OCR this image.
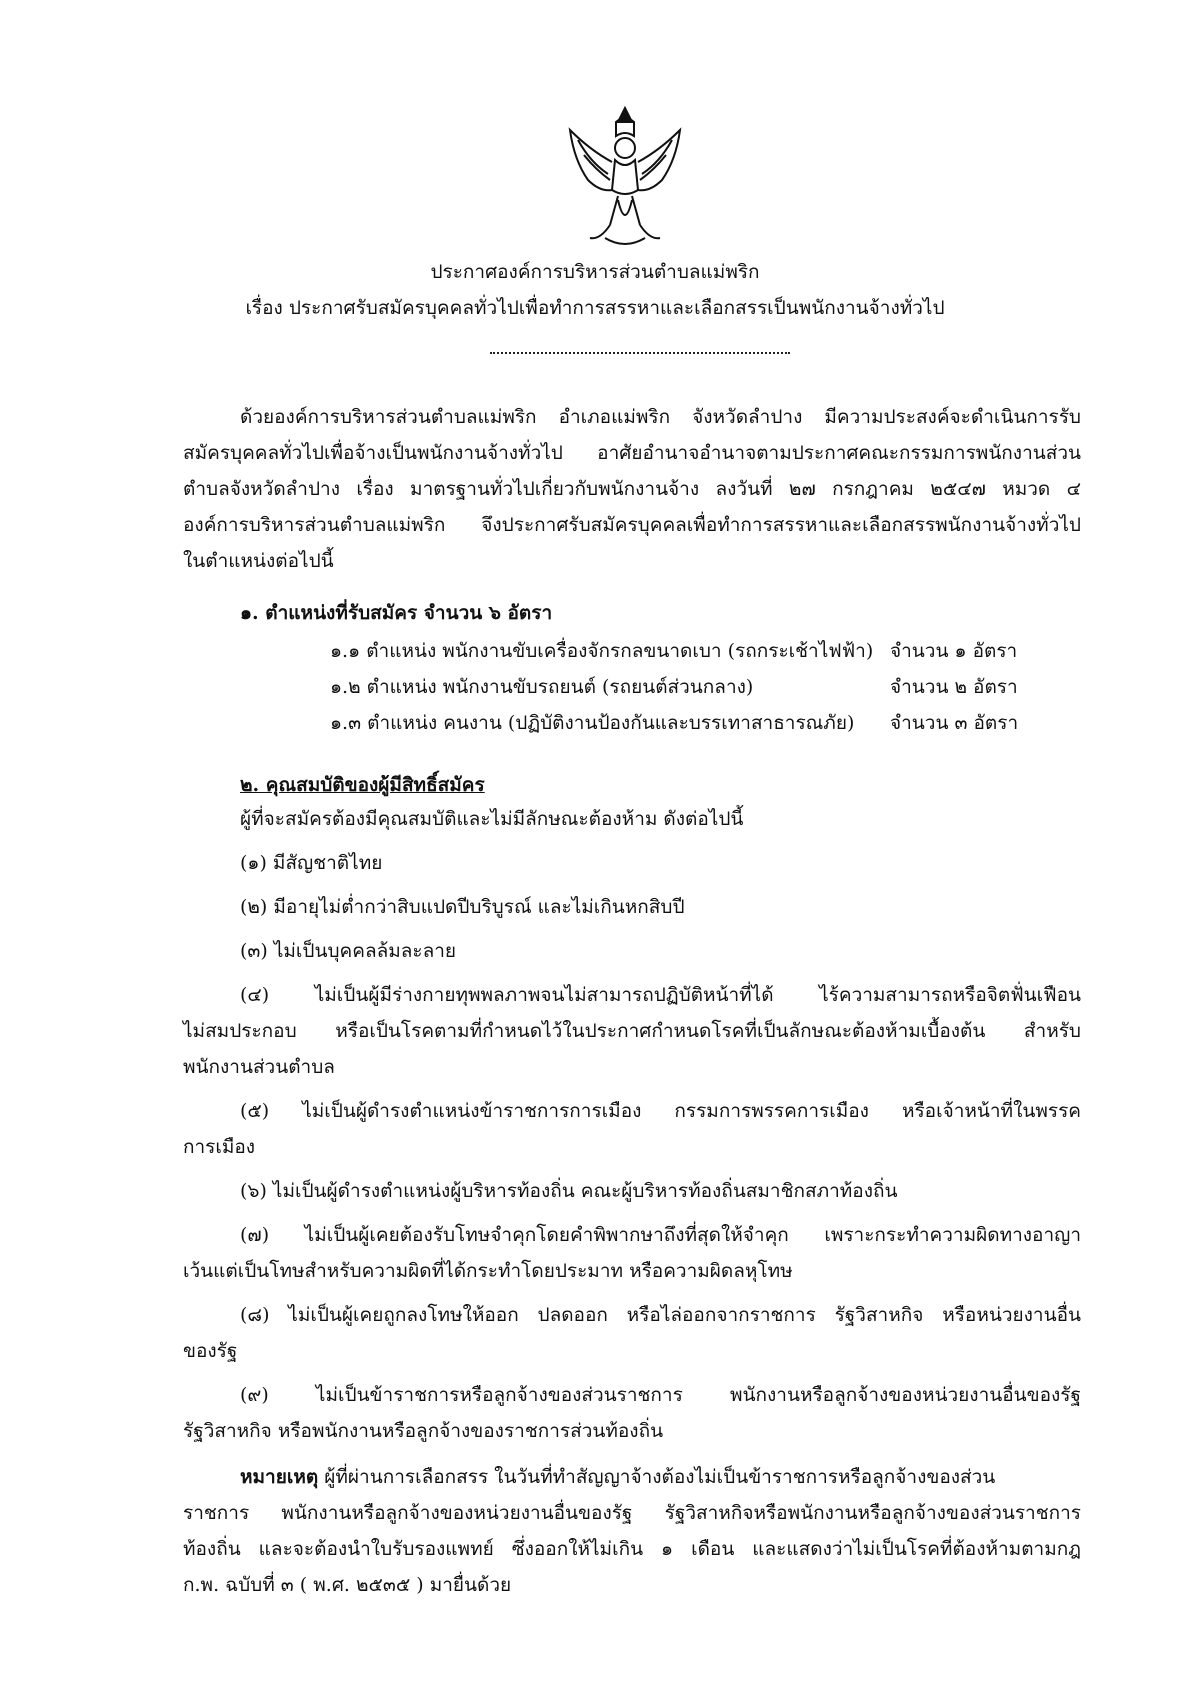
ประกาศองค์การบริหารส่วนตำบลแม่พริก
เรื่อง ประกาศรับสมัครบุคคลทั่วไปเพื่อทำการสรรหาและเลือกสรรเป็นพนักงานจ้างทั่วไป
ด้วยองค์การบริหารส่วนตำบลแม่พริก อำเภอแม่พริก จังหวัดลำปาง มีความประสงค์จะดำเนินการรับ
สมัครบุคคลทั่วไปเพื่อจ้างเป็นพนักงานจ้างทั่วไป อาศัยอำนาจอำนาจตามประกาศคณะกรรมการพนักงานส่วน
ตำบลจังหวัดลำปาง เรื่อง มาตรฐานทั่วไปเกี่ยวกับพนักงานจ้าง ลงวันที่ ๒๗ กรกฎาคม ๒๕๔๗ หมวด ๔
องค์การบริหารส่วนตำบลแม่พริก จึงประกาศรับสมัครบุคคลเพื่อทำการสรรหาและเลือกสรรพนักงานจ้างทั่วไป
ในตำแหน่งต่อไปนี้
๑. ตำแหน่งที่รับสมัคร จำนวน ๖ อัตรา
๑.๑ ตำแหน่ง พนักงานขับเครื่องจักรกลขนาดเบา (รถกระเช้าไฟฟ้า) จำนวน ๑ อัตรา
๑.๒ ตำแหน่ง พนักงานขับรถยนต์ (รถยนต์ส่วนกลาง)	จำนวน ๒ อัตรา
๑.๓ ตำแหน่ง คนงาน (ปฏิบัติงานป้องกันและบรรเทาสาธารณภัย) จำนวน ๓ อัตรา
๒. คุณสมบัติของผู้มีสิทธิ์สมัคร
ผู้ที่จะสมัครต้องมีคุณสมบัติและไม่มีลักษณะต้องห้าม ดังต่อไปนี้
(๑) มีสัญชาติไทย
(๒) มีอายุไม่ต่ำกว่าสิบแปดปีบริบูรณ์ และไม่เกินหกสิบปี
(๓) ไม่เป็นบุคคลล้มละลาย
(๔) ไม่เป็นผู้มีร่างกายทุพพลภาพจนไม่สามารถปฏิบัติหน้าที่ได้ ไร้ความสามารถหรือจิตฟั่นเฟือน
ไม่สมประกอบ หรือเป็นโรคตามที่กำหนดไว้ในประกาศกำหนดโรคที่เป็นลักษณะต้องห้ามเบื้องต้น สำหรับ
พนักงานส่วนตำบล
(๕) ไม่เป็นผู้ดำรงตำแหน่งข้าราชการการเมือง กรรมการพรรคการเมือง หรือเจ้าหน้าที่ในพรรค
การเมือง
(๖) ไม่เป็นผู้ดำรงตำแหน่งผู้บริหารท้องถิ่น คณะผู้บริหารท้องถิ่นสมาชิกสภาท้องถิ่น
(๗) ไม่เป็นผู้เคยต้องรับโทษจำคุกโดยคำพิพากษาถึงที่สุดให้จำคุก เพราะกระทำความผิดทางอาญา
เว้นแต่เป็นโทษสำหรับความผิดที่ได้กระทำโดยประมาท หรือความผิดลหุโทษ
(๘) ไม่เป็นผู้เคยถูกลงโทษให้ออก ปลดออก หรือไล่ออกจากราชการ รัฐวิสาหกิจ หรือหน่วยงานอื่น
ของรัฐ
(๙) ไม่เป็นข้าราชการหรือลูกจ้างของส่วนราชการ พนักงานหรือลูกจ้างของหน่วยงานอื่นของรัฐ
รัฐวิสาหกิจ หรือพนักงานหรือลูกจ้างของราชการส่วนท้องถิ่น
หมายเหตุ ผู้ที่ผ่านการเลือกสรร ในวันที่ทำสัญญาจ้างต้องไม่เป็นข้าราชการหรือลูกจ้างของส่วน
ราชการ พนักงานหรือลูกจ้างของหน่วยงานอื่นของรัฐ รัฐวิสาหกิจหรือพนักงานหรือลูกจ้างของส่วนราชการ
ท้องถิ่น และจะต้องนำใบรับรองแพทย์ ซึ่งออกให้ไม่เกิน ๑ เดือน และแสดงว่าไม่เป็นโรคที่ต้องห้ามตามกฎ
ก.พ. ฉบับที่ ๓ ( พ.ศ. ๒๕๓๕ ) มายื่นด้วย
